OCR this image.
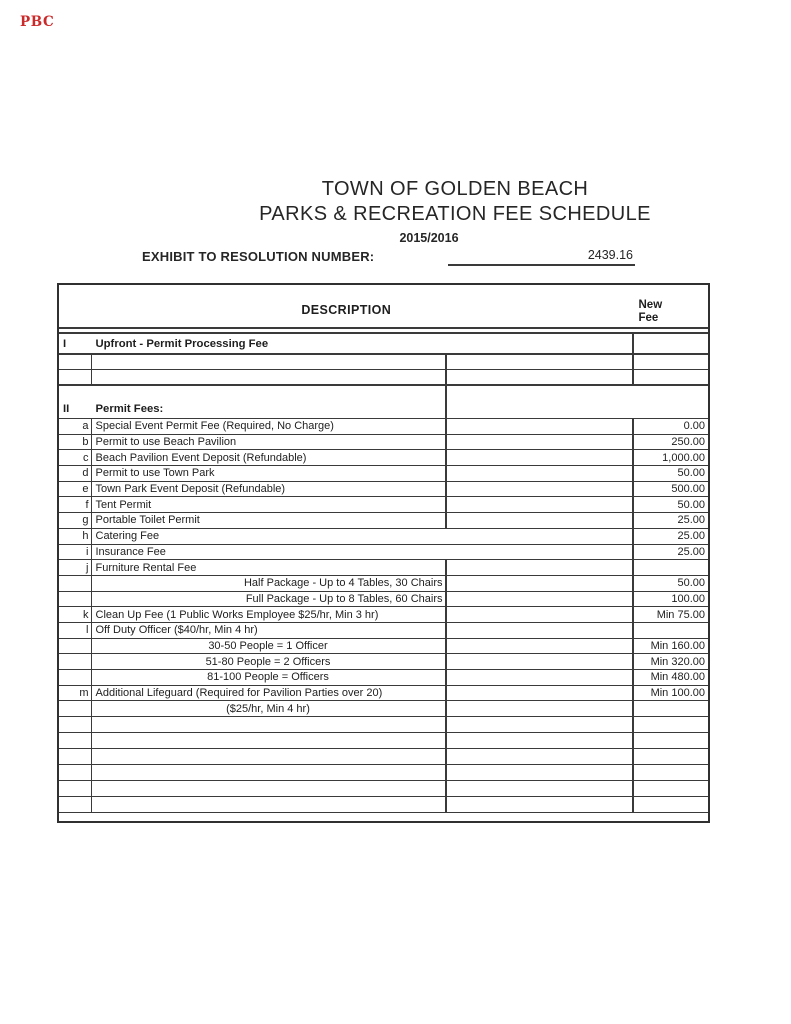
PBC
TOWN OF GOLDEN BEACH
PARKS & RECREATION FEE SCHEDULE
2015/2016
EXHIBIT TO RESOLUTION NUMBER:	2439.16
DESCRIPTION	New
Fee
I	Upfront - Permit Processing Fee
II	Permit Fees:
a Special Event Permit Fee (Required, No Charge)	0.00
b Permit to use Beach Pavilion	250.00
c Beach Pavilion Event Deposit (Refundable)	1,000.00
d Permit to use Town Park	50.00
e Town Park Event Deposit (Refundable)	500.00
f Tent Permit	50.00
g Portable Toilet Permit	25.00
h Catering Fee	25.00
i Insurance Fee	25.00
j Furniture Rental Fee
Half Package - Up to 4 Tables, 30 Chairs	50.00
Full Package - Up to 8 Tables, 60 Chairs	100.00
k Clean Up Fee (1 Public Works Employee $25/hr, Min 3 hr)	Min 75.00
l Off Duty Officer ($40/hr, Min 4 hr)
30-50 People = 1 Officer	Min 160.00
51-80 People = 2 Officers	Min 320.00
81-100 People = Officers	Min 480.00
m Additional Lifeguard (Required for Pavilion Parties over 20)	Min 100.00
($25/hr, Min 4 hr)
